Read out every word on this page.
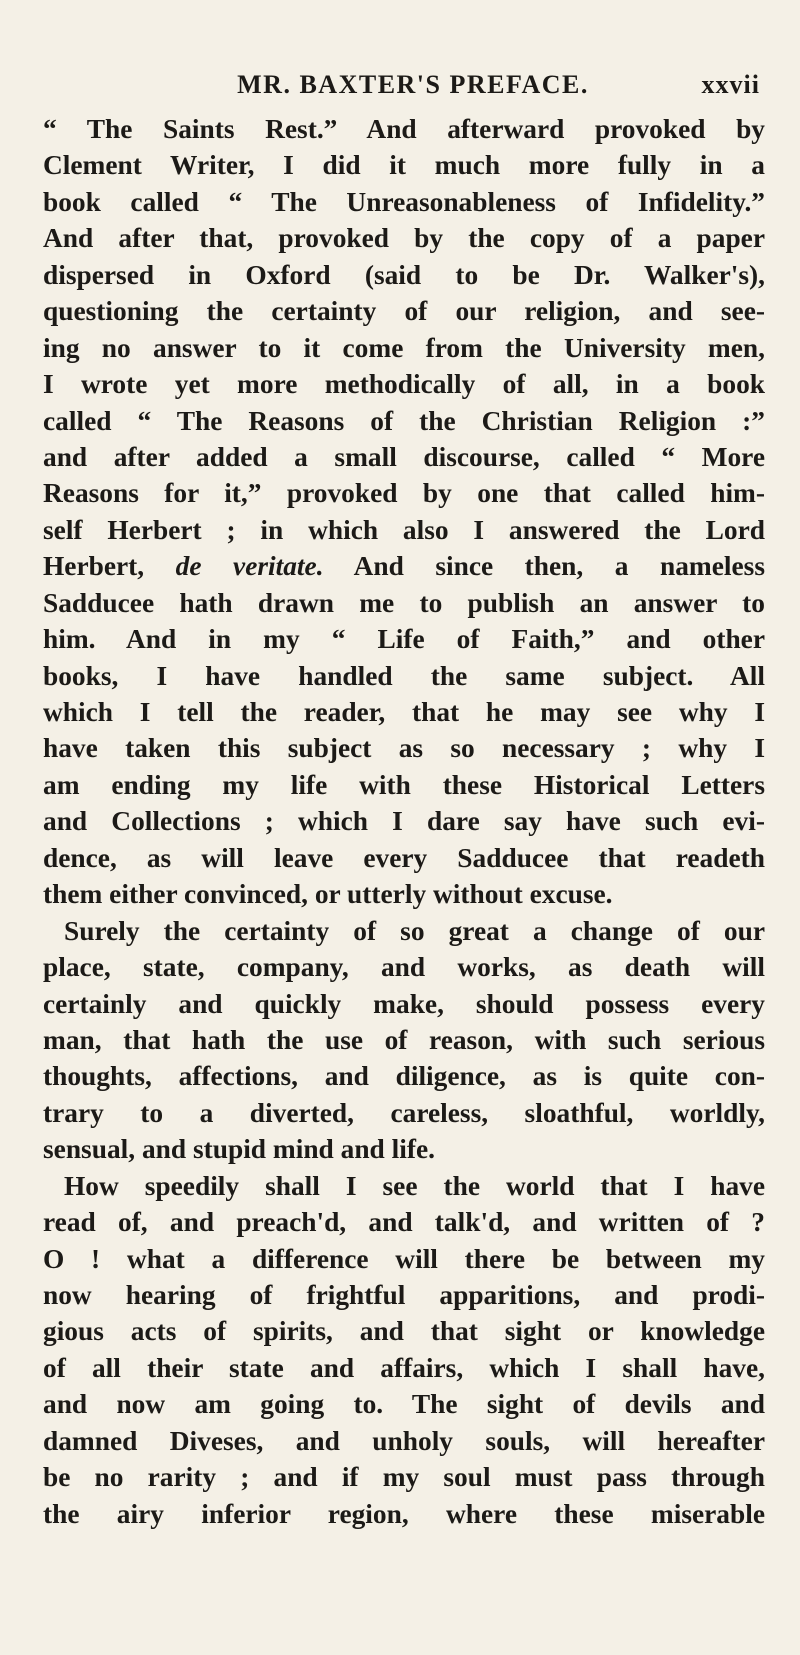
MR. BAXTER'S PREFACE.	xxvii
“ The Saints Rest.” And afterward provoked by
Clement Writer, I did it much more fully in a
book called “ The Unreasonableness of Infidelity.”
And after that, provoked by the copy of a paper
dispersed in Oxford (said to be Dr. Walker's),
questioning the certainty of our religion, and see-
ing no answer to it come from the University men,
I wrote yet more methodically of all, in a book
called “ The Reasons of the Christian Religion :”
and after added a small discourse, called “ More
Reasons for it,” provoked by one that called him-
self Herbert ; in which also I answered the Lord
Herbert, de veritate. And since then, a nameless
Sadducee hath drawn me to publish an answer to
him. And in my “ Life of Faith,” and other
books, I have handled the same subject. All
which I tell the reader, that he may see why I
have taken this subject as so necessary ; why I
am ending my life with these Historical Letters
and Collections ; which I dare say have such evi-
dence, as will leave every Sadducee that readeth
them either convinced, or utterly without excuse.
Surely the certainty of so great a change of our
place, state, company, and works, as death will
certainly and quickly make, should possess every
man, that hath the use of reason, with such serious
thoughts, affections, and diligence, as is quite con-
trary to a diverted, careless, sloathful, worldly,
sensual, and stupid mind and life.
How speedily shall I see the world that I have
read of, and preach'd, and talk'd, and written of ?
O ! what a difference will there be between my
now hearing of frightful apparitions, and prodi-
gious acts of spirits, and that sight or knowledge
of all their state and affairs, which I shall have,
and now am going to. The sight of devils and
damned Diveses, and unholy souls, will hereafter
be no rarity ; and if my soul must pass through
the airy inferior region, where these miserable
